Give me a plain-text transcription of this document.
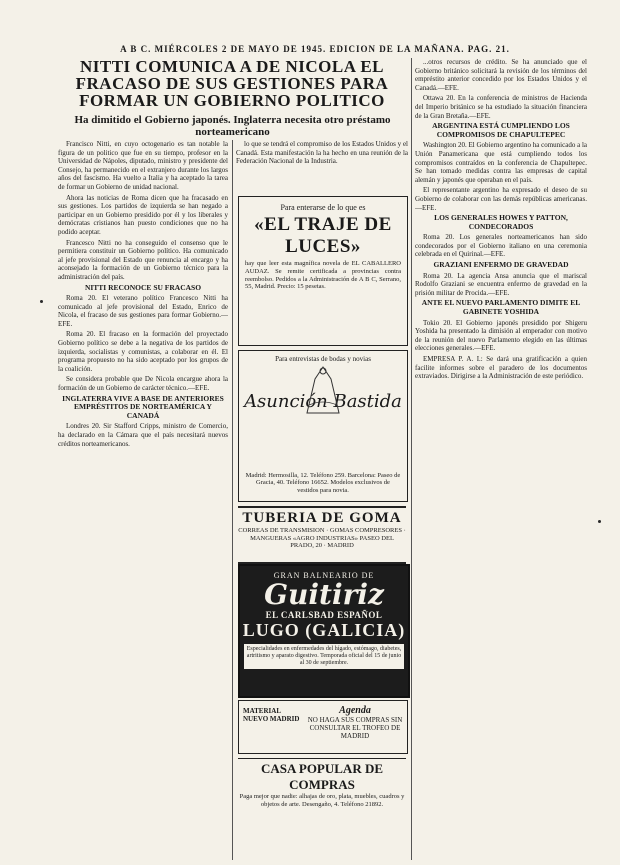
A B C. MIÉRCOLES 2 DE MAYO DE 1945. EDICION DE LA MAÑANA. PAG. 21.
NITTI COMUNICA A DE NICOLA EL FRACASO DE SUS GESTIONES PARA FORMAR UN GOBIERNO POLITICO
Ha dimitido el Gobierno japonés. Inglaterra necesita otro préstamo norteamericano

Francisco Nitti, en cuyo octogenario es tan notable la figura de un politico que fue en su tiempo, profesor en la Universidad de Nápoles, diputado, ministro y presidente del Consejo, ha permanecido en el extranjero durante los largos años del fascismo. Ha vuelto a Italia y ha aceptado la tarea de formar un Gobierno de unidad nacional.

Ahora las noticias de Roma dicen que ha fracasado en sus gestiones. Los partidos de izquierda se han negado a participar en un Gobierno presidido por él y los liberales y demócratas cristianos han puesto condiciones que no ha podido aceptar.

Francesco Nitti no ha conseguido el consenso que le permitiera constituir un Gobierno político. Ha comunicado al jefe provisional del Estado que renuncia al encargo y ha aconsejado la formación de un Gobierno técnico para la administración del país.

NITTI RECONOCE SU FRACASO

Roma 20. El veterano político Francesco Nitti ha comunicado al jefe provisional del Estado, Enrico de Nicola, el fracaso de sus gestiones para formar Gobierno.—EFE.

Roma 20. El fracaso en la formación del proyectado Gobierno político se debe a la negativa de los partidos de izquierda, socialistas y comunistas, a colaborar en él. El programa propuesto no ha sido aceptado por los grupos de la coalición.

Se considera probable que De Nicola encargue ahora la formación de un Gobierno de carácter técnico.—EFE.

INGLATERRA VIVE A BASE DE ANTERIORES EMPRÉSTITOS DE NORTEAMÉRICA Y CANADÁ

Londres 20. Sir Stafford Cripps, ministro de Comercio, ha declarado en la Cámara que el país necesitará nuevos créditos norteamericanos.

lo que se tendrá el compromiso de los Estados Unidos y el Canadá. Esta manifestación la ha hecho en una reunión de la Federación Nacional de la Industria.

Para enterarse de lo que es
«EL TRAJE DE LUCES»
hay que leer esta magnífica novela de EL CABALLERO AUDAZ. Se remite certificada a provincias contra reembolso. Pedidos a la Administración de A B C, Serrano, 55, Madrid. Precio: 15 pesetas.
Para entrevistas de bodas y novias
Asunción Bastida
Madrid: Hermosilla, 12. Teléfono 259. Barcelona: Paseo de Gracia, 40. Teléfono 16652. Modelos exclusivos de vestidos para novia.
TUBERIA DE GOMA
CORREAS DE TRANSMISION · GOMAS COMPRESORES · MANGUERAS «AGRO INDUSTRIAS» PASEO DEL PRADO, 20 · MADRID
GRAN BALNEARIO DE
Guitiriz
EL CARLSBAD ESPAÑOL
LUGO (GALICIA)
Especialidades en enfermedades del hígado, estómago, diabetes, artritismo y aparato digestivo. Temporada oficial del 15 de junio al 30 de septiembre.
MATERIAL NUEVO MADRID
Agenda
NO HAGA SUS COMPRAS SIN CONSULTAR EL TROFEO DE MADRID
CASA POPULAR DE COMPRAS
Paga mejor que nadie: alhajas de oro, plata, muebles, cuadros y objetos de arte. Desengaño, 4. Teléfono 21892.

...otros recursos de crédito. Se ha anunciado que el Gobierno británico solicitará la revisión de los términos del empréstito anterior concedido por los Estados Unidos y el Canadá.—EFE.

Ottawa 20. En la conferencia de ministros de Hacienda del Imperio británico se ha estudiado la situación financiera de la Gran Bretaña.—EFE.

ARGENTINA ESTÁ CUMPLIENDO LOS COMPROMISOS DE CHAPULTEPEC

Washington 20. El Gobierno argentino ha comunicado a la Unión Panamericana que está cumpliendo todos los compromisos contraídos en la conferencia de Chapultepec. Se han tomado medidas contra las empresas de capital alemán y japonés que operaban en el país.

El representante argentino ha expresado el deseo de su Gobierno de colaborar con las demás repúblicas americanas.—EFE.

LOS GENERALES HOWES Y PATTON, CONDECORADOS

Roma 20. Los generales norteamericanos han sido condecorados por el Gobierno italiano en una ceremonia celebrada en el Quirinal.—EFE.

GRAZIANI ENFERMO DE GRAVEDAD

Roma 20. La agencia Ansa anuncia que el mariscal Rodolfo Graziani se encuentra enfermo de gravedad en la prisión militar de Procida.—EFE.

ANTE EL NUEVO PARLAMENTO DIMITE EL GABINETE YOSHIDA

Tokio 20. El Gobierno japonés presidido por Shigeru Yoshida ha presentado la dimisión al emperador con motivo de la reunión del nuevo Parlamento elegido en las últimas elecciones generales.—EFE.

EMPRESA P. A. I.: Se dará una gratificación a quien facilite informes sobre el paradero de los documentos extraviados. Dirigirse a la Administración de este periódico.
